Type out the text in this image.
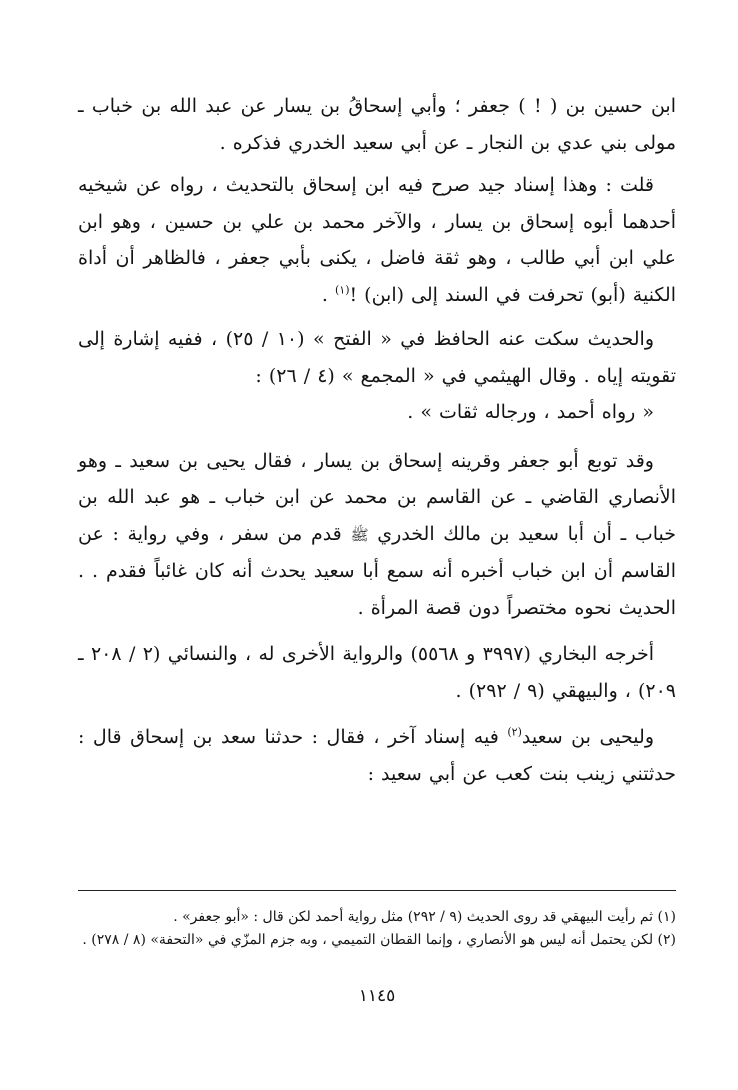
ابن حسين بن ( ! ) جعفر ؛ وأبي إسحاقُ بن يسار عن عبد الله بن خباب ـ مولى بني عدي بن النجار ـ عن أبي سعيد الخدري فذكره .

قلت : وهذا إسناد جيد صرح فيه ابن إسحاق بالتحديث ، رواه عن شيخيه أحدهما أبوه إسحاق بن يسار ، والآخر محمد بن علي بن حسين ، وهو ابن علي ابن أبي طالب ، وهو ثقة فاضل ، يكنى بأبي جعفر ، فالظاهر أن أداة الكنية (أبو) تحرفت في السند إلى (ابن) !$^{(١)}$ .

والحديث سكت عنه الحافظ في « الفتح » (١٠ / ٢٥) ، ففيه إشارة إلى تقويته إياه . وقال الهيثمي في « المجمع » (٤ / ٢٦) :

« رواه أحمد ، ورجاله ثقات » .

وقد توبع أبو جعفر وقرينه إسحاق بن يسار ، فقال يحيى بن سعيد ـ وهو الأنصاري القاضي ـ عن القاسم بن محمد عن ابن خباب ـ هو عبد الله بن خباب ـ أن أبا سعيد بن مالك الخدري ﷺ قدم من سفر ، وفي رواية : عن القاسم أن ابن خباب أخبره أنه سمع أبا سعيد يحدث أنه كان غائباً فقدم . . الحديث نحوه مختصراً دون قصة المرأة .

أخرجه البخاري (٣٩٩٧ و ٥٥٦٨) والرواية الأخرى له ، والنسائي (٢ / ٢٠٨ ـ ٢٠٩) ، والبيهقي (٩ / ٢٩٢) .

وليحيى بن سعيد$^{(٢)}$ فيه إسناد آخر ، فقال : حدثنا سعد بن إسحاق قال : حدثتني زينب بنت كعب عن أبي سعيد :

(١) ثم رأيت البيهقي قد روى الحديث (٩ / ٢٩٢) مثل رواية أحمد لكن قال : «أبو جعفر» .

(٢) لكن يحتمل أنه ليس هو الأنصاري ، وإنما القطان التميمي ، وبه جزم المزّي في «التحفة» (٨ / ٢٧٨) .

١١٤٥
